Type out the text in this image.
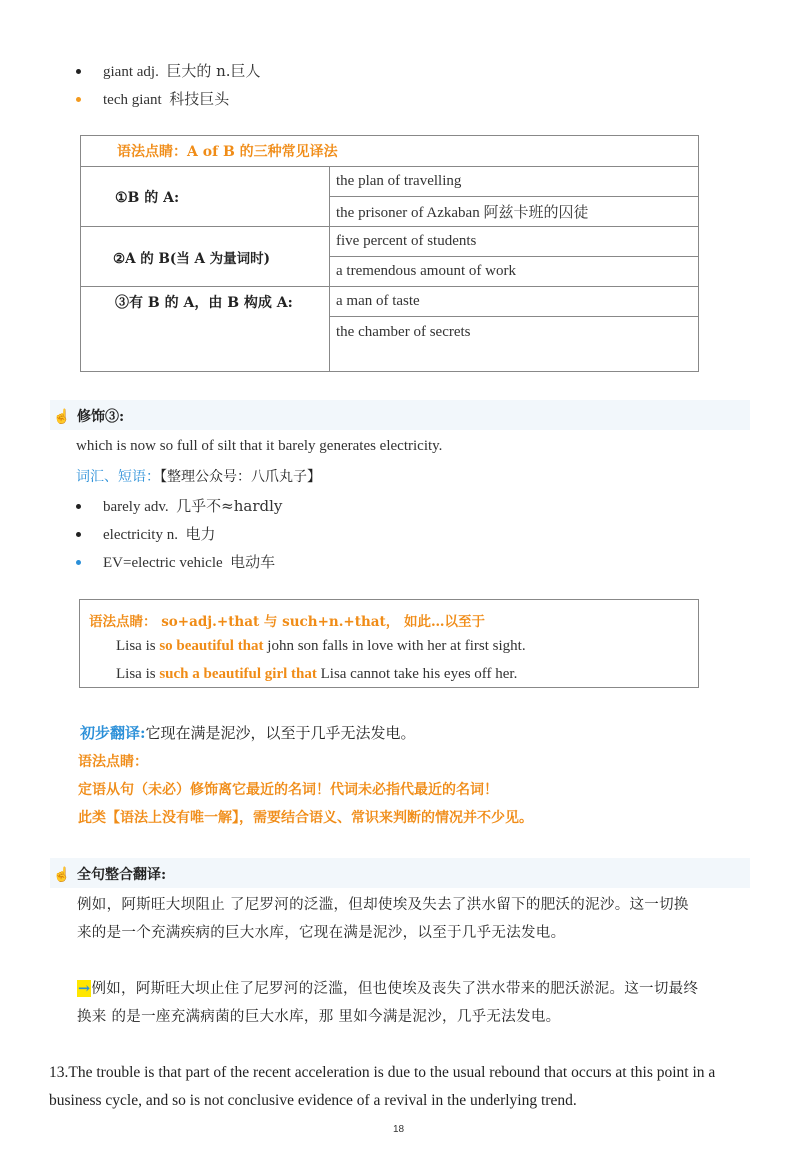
giant adj. 巨大的 n.巨人
tech giant 科技巨头
语法点睛：A of B 的三种常见译法	
①B 的 A:	the plan of travelling
	the prisoner of Azkaban 阿兹卡班的囚徒
②A 的 B(当 A 为量词时)	five percent of students
	a tremendous amount of work
③有 B 的 A，由 B 构成 A:	a man of taste
	the chamber of secrets
☝ 修饰③:
which is now so full of silt that it barely generates electricity.
词汇、短语：【整理公众号：八爪丸子】
barely adv. 几乎不≈hardly
electricity n. 电力
EV=electric vehicle 电动车
语法点睛： so+adj.+that 与 such+n.+that， 如此…以至于
Lisa is so beautiful that john son falls in love with her at first sight.
Lisa is such a beautiful girl that Lisa cannot take his eyes off her.
初步翻译:它现在满是泥沙，以至于几乎无法发电。
语法点睛：
定语从句（未必）修饰离它最近的名词！代词未必指代最近的名词！
此类【语法上没有唯一解】，需要结合语义、常识来判断的情况并不少见。
☝ 全句整合翻译:
例如，阿斯旺大坝阻止 了尼罗河的泛滥，但却使埃及失去了洪水留下的肥沃的泥沙。这一切换
来的是一个充满疾病的巨大水库，它现在满是泥沙，以至于几乎无法发电。
→例如，阿斯旺大坝止住了尼罗河的泛滥，但也使埃及丧失了洪水带来的肥沃淤泥。这一切最终
换来 的是一座充满病菌的巨大水库，那 里如今满是泥沙，几乎无法发电。
13.The trouble is that part of the recent acceleration is due to the usual rebound that occurs at this point in a
business cycle, and so is not conclusive evidence of a revival in the underlying trend.
18
